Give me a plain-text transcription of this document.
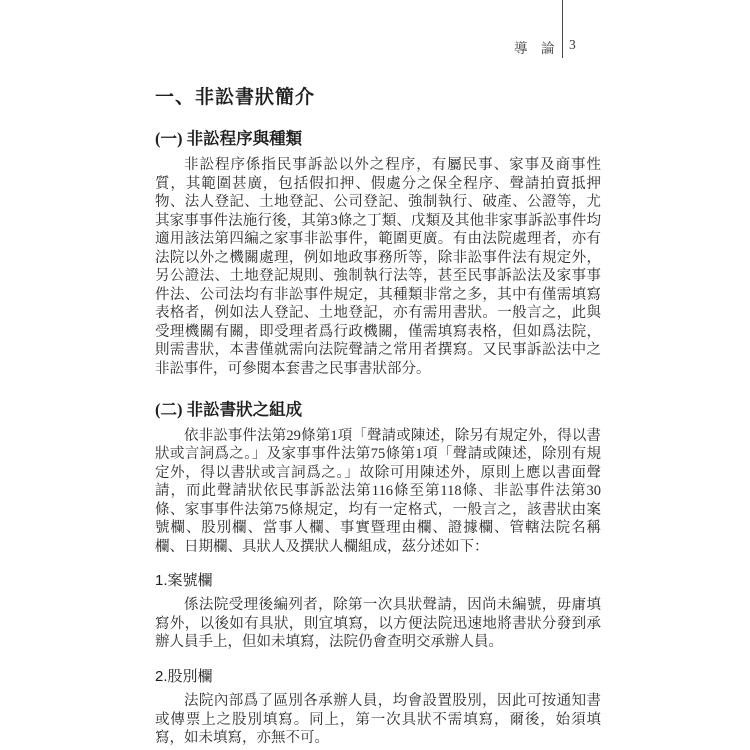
導　論 3
一、非訟書狀簡介
(一) 非訟程序與種類

非訟程序係指民事訴訟以外之程序，有屬民事、家事及商事性質，其範圍甚廣，包括假扣押、假處分之保全程序、聲請拍賣抵押物、法人登記、土地登記、公司登記、強制執行、破產、公證等，尤其家事事件法施行後，其第3條之丁類、戊類及其他非家事訴訟事件均適用該法第四編之家事非訟事件，範圍更廣。有由法院處理者，亦有法院以外之機關處理，例如地政事務所等，除非訟事件法有規定外，另公證法、土地登記規則、強制執行法等，甚至民事訴訟法及家事事件法、公司法均有非訟事件規定，其種類非常之多，其中有僅需填寫表格者，例如法人登記、土地登記，亦有需用書狀。一般言之，此與受理機關有關，即受理者爲行政機關，僅需填寫表格，但如爲法院，則需書狀，本書僅就需向法院聲請之常用者撰寫。又民事訴訟法中之非訟事件，可參閱本套書之民事書狀部分。

(二) 非訟書狀之組成

依非訟事件法第29條第1項「聲請或陳述，除另有規定外，得以書狀或言詞爲之。」及家事事件法第75條第1項「聲請或陳述，除別有規定外，得以書狀或言詞爲之。」故除可用陳述外，原則上應以書面聲請，而此聲請狀依民事訴訟法第116條至第118條、非訟事件法第30條、家事事件法第75條規定，均有一定格式，一般言之，該書狀由案號欄、股別欄、當事人欄、事實暨理由欄、證據欄、管轄法院名稱欄、日期欄、具狀人及撰狀人欄組成，茲分述如下：

1.案號欄

係法院受理後編列者，除第一次具狀聲請，因尚未編號，毋庸填寫外，以後如有具狀，則宜填寫，以方便法院迅速地將書狀分發到承辦人員手上，但如未填寫，法院仍會查明交承辦人員。

2.股別欄

法院內部爲了區別各承辦人員，均會設置股別，因此可按通知書或傳票上之股別填寫。同上，第一次具狀不需填寫，爾後，始須填寫，如未填寫，亦無不可。
